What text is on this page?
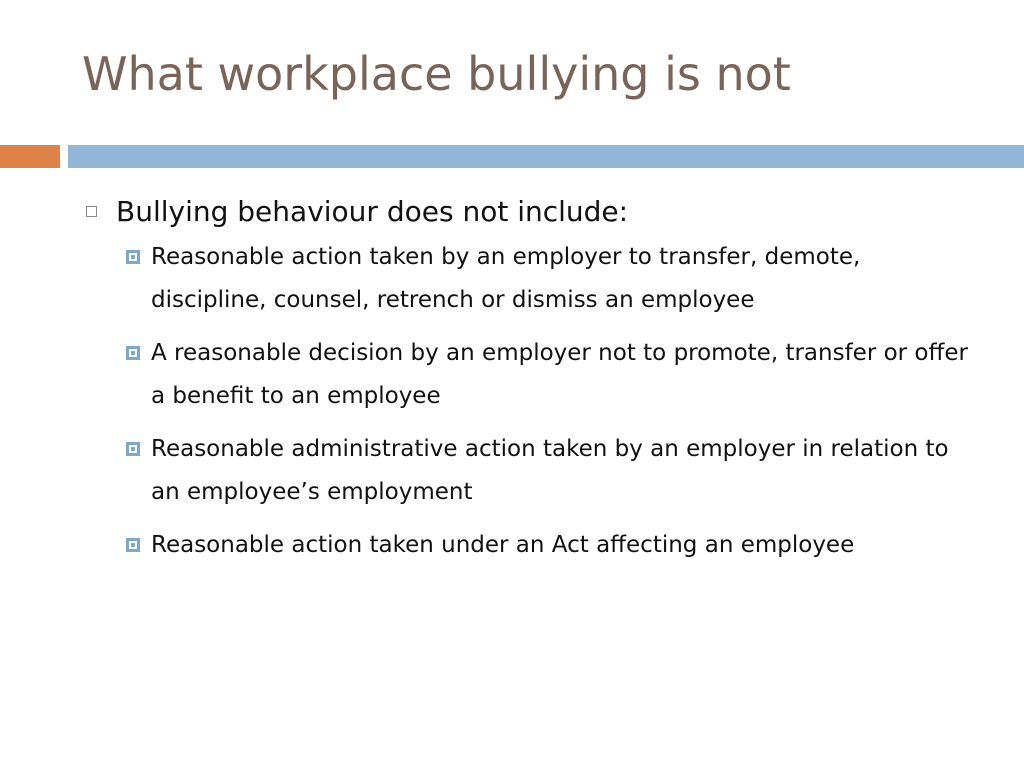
What workplace bullying is not
Bullying behaviour does not include:
Reasonable action taken by an employer to transfer, demote, discipline, counsel, retrench or dismiss an employee
A reasonable decision by an employer not to promote, transfer or offer a benefit to an employee
Reasonable administrative action taken by an employer in relation to an employee’s employment
Reasonable action taken under an Act affecting an employee
